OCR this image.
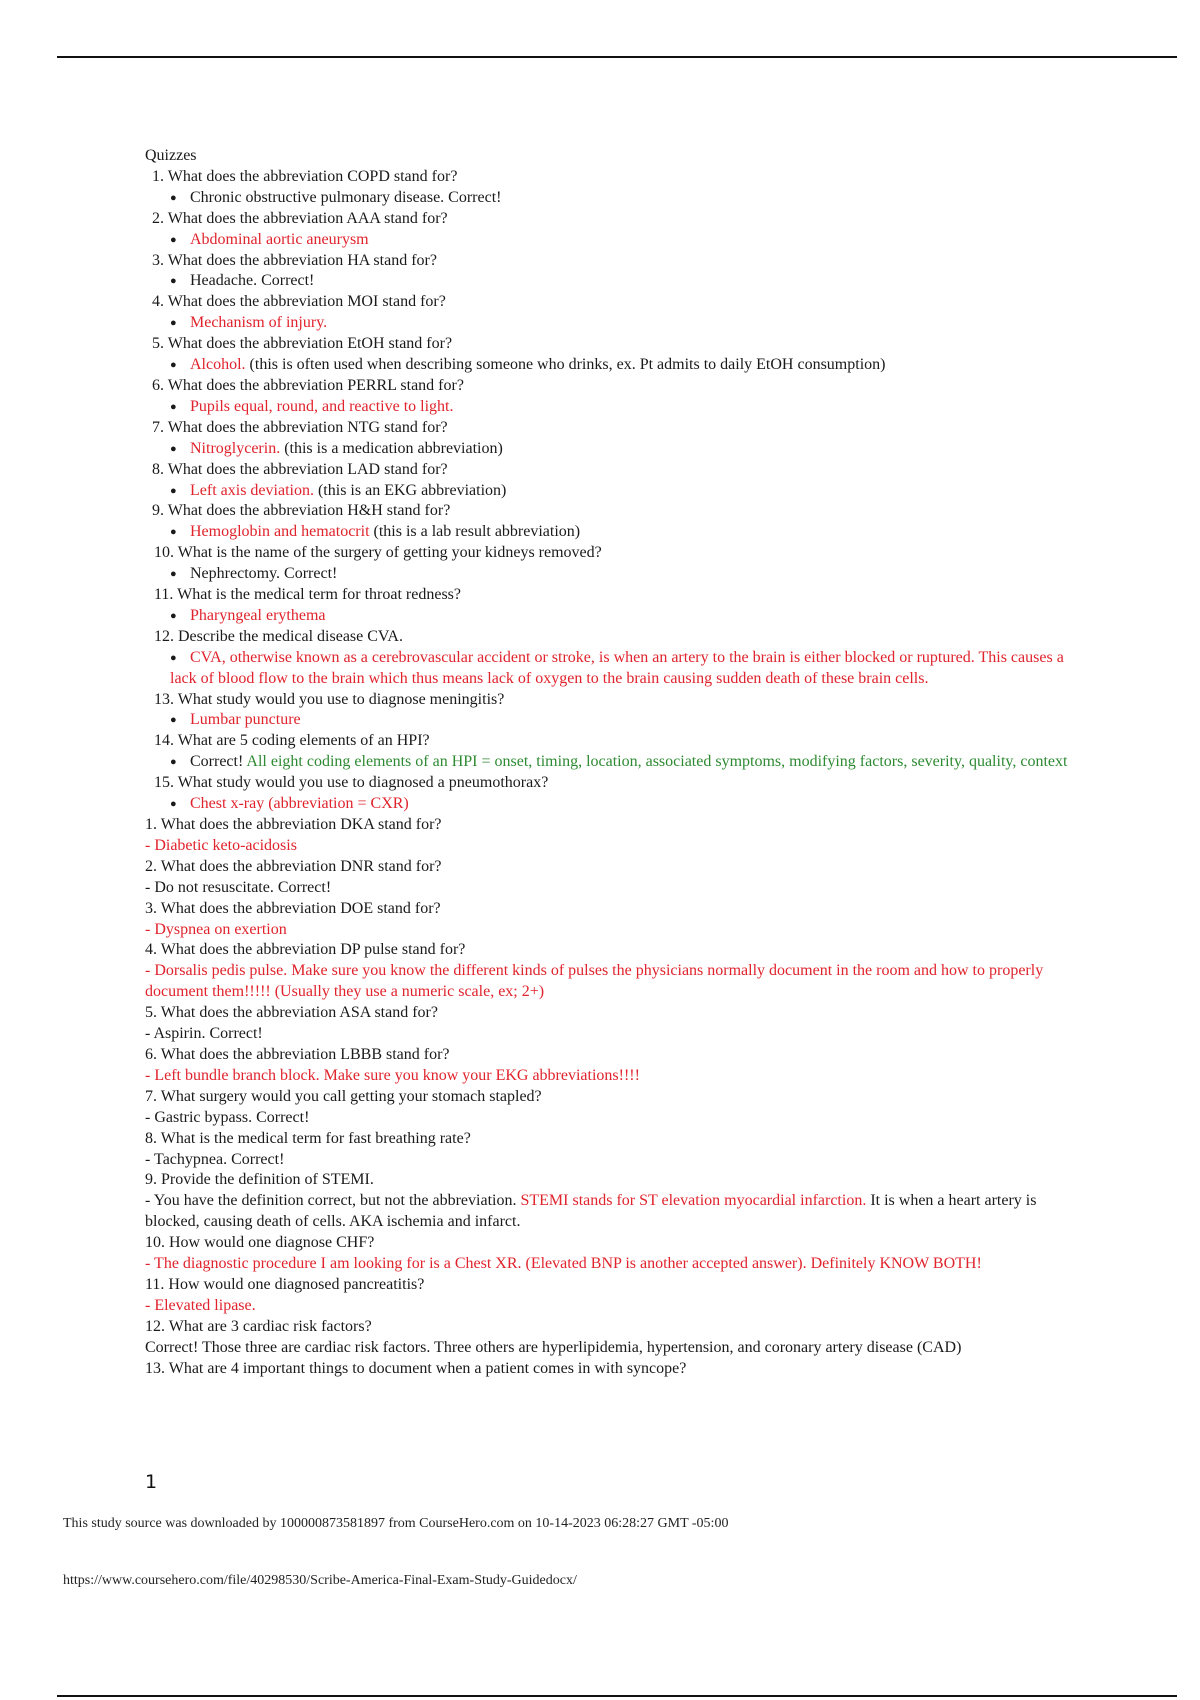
Quizzes

1. What does the abbreviation COPD stand for?

● Chronic obstructive pulmonary disease. Correct!

2. What does the abbreviation AAA stand for?

● Abdominal aortic aneurysm

3. What does the abbreviation HA stand for?

● Headache. Correct!

4. What does the abbreviation MOI stand for?

● Mechanism of injury.

5. What does the abbreviation EtOH stand for?

● Alcohol. (this is often used when describing someone who drinks, ex. Pt admits to daily EtOH consumption)

6. What does the abbreviation PERRL stand for?

● Pupils equal, round, and reactive to light.

7. What does the abbreviation NTG stand for?

● Nitroglycerin. (this is a medication abbreviation)

8. What does the abbreviation LAD stand for?

● Left axis deviation. (this is an EKG abbreviation)

9. What does the abbreviation H&H stand for?

● Hemoglobin and hematocrit (this is a lab result abbreviation)

10. What is the name of the surgery of getting your kidneys removed?

● Nephrectomy. Correct!

11. What is the medical term for throat redness?

● Pharyngeal erythema

12. Describe the medical disease CVA.

● CVA, otherwise known as a cerebrovascular accident or stroke, is when an artery to the brain is either blocked or ruptured. This causes a lack of blood flow to the brain which thus means lack of oxygen to the brain causing sudden death of these brain cells.

13. What study would you use to diagnose meningitis?

● Lumbar puncture

14. What are 5 coding elements of an HPI?

● Correct! All eight coding elements of an HPI = onset, timing, location, associated symptoms, modifying factors, severity, quality, context

15. What study would you use to diagnosed a pneumothorax?

● Chest x-ray (abbreviation = CXR)

1. What does the abbreviation DKA stand for?

- Diabetic keto-acidosis

2. What does the abbreviation DNR stand for?

- Do not resuscitate. Correct!

3. What does the abbreviation DOE stand for?

- Dyspnea on exertion

4. What does the abbreviation DP pulse stand for?

- Dorsalis pedis pulse. Make sure you know the different kinds of pulses the physicians normally document in the room and how to properly document them!!!!! (Usually they use a numeric scale, ex; 2+)

5. What does the abbreviation ASA stand for?

- Aspirin. Correct!

6. What does the abbreviation LBBB stand for?

- Left bundle branch block. Make sure you know your EKG abbreviations!!!!

7. What surgery would you call getting your stomach stapled?

- Gastric bypass. Correct!

8. What is the medical term for fast breathing rate?

- Tachypnea. Correct!

9. Provide the definition of STEMI.

- You have the definition correct, but not the abbreviation. STEMI stands for ST elevation myocardial infarction. It is when a heart artery is blocked, causing death of cells. AKA ischemia and infarct.

10. How would one diagnose CHF?

- The diagnostic procedure I am looking for is a Chest XR. (Elevated BNP is another accepted answer). Definitely KNOW BOTH!

11. How would one diagnosed pancreatitis?

- Elevated lipase.

12. What are 3 cardiac risk factors?

Correct! Those three are cardiac risk factors. Three others are hyperlipidemia, hypertension, and coronary artery disease (CAD)

13. What are 4 important things to document when a patient comes in with syncope?

1
This study source was downloaded by 100000873581897 from CourseHero.com on 10-14-2023 06:28:27 GMT -05:00
https://www.coursehero.com/file/40298530/Scribe-America-Final-Exam-Study-Guidedocx/
